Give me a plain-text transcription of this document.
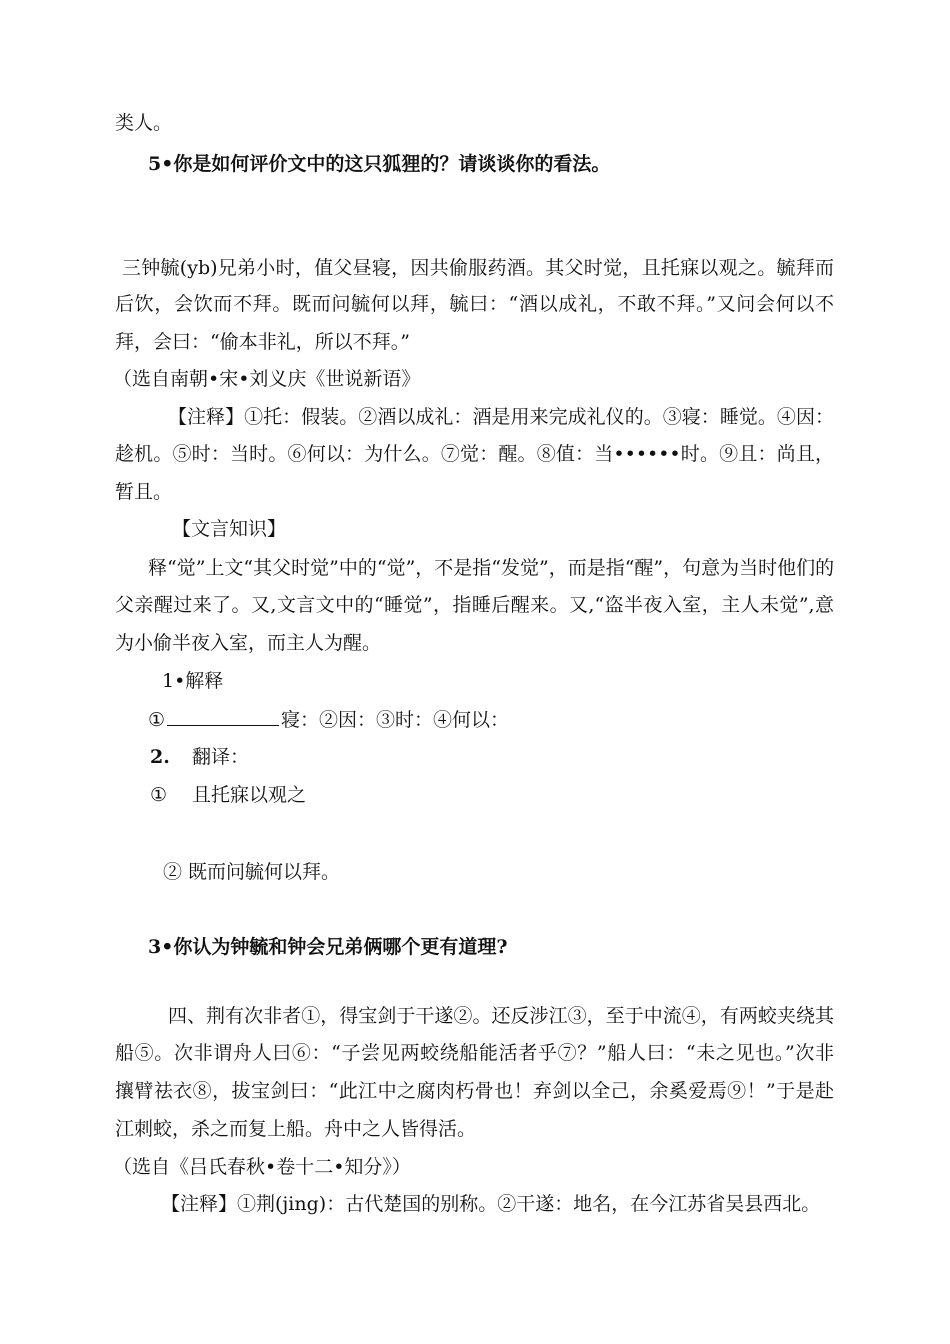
类人。

5•你是如何评价文中的这只狐狸的？请谈谈你的看法。

三钟毓(yb)兄弟小时，值父昼寝，因共偷服药酒。其父时觉，且托寐以观之。毓拜而

后饮，会饮而不拜。既而问毓何以拜，毓曰：“酒以成礼，不敢不拜。”又问会何以不

拜，会曰：“偷本非礼，所以不拜。”

（选自南朝•宋•刘义庆《世说新语》

【注释】①托：假装。②酒以成礼：酒是用来完成礼仪的。③寝：睡觉。④因：

趁机。⑤时：当时。⑥何以：为什么。⑦觉：醒。⑧值：当••••••时。⑨且：尚且，

暂且。

【文言知识】

释“觉”上文“其父时觉”中的“觉”，不是指“发觉”，而是指“醒”，句意为当时他们的

父亲醒过来了。又,文言文中的“睡觉”，指睡后醒来。又,“盗半夜入室，主人未觉”,意

为小偷半夜入室，而主人为醒。

1•解释

①	寝：②因：③时：④何以：

2. 翻译：

① 且托寐以观之

② 既而问毓何以拜。

3•你认为钟毓和钟会兄弟俩哪个更有道理?

四、荆有次非者①，得宝剑于干遂②。还反涉江③，至于中流④，有两蛟夹绕其

船⑤。次非谓舟人曰⑥：“子尝见两蛟绕船能活者乎⑦？”船人曰：“未之见也。”次非

攘臂祛衣⑧，拔宝剑曰：“此江中之腐肉朽骨也！弃剑以全己，余奚爱焉⑨！”于是赴

江刺蛟，杀之而复上船。舟中之人皆得活。

（选自《吕氏春秋•卷十二•知分》）

【注释】①荆(jing)：古代楚国的别称。②干遂：地名，在今江苏省吴县西北。
